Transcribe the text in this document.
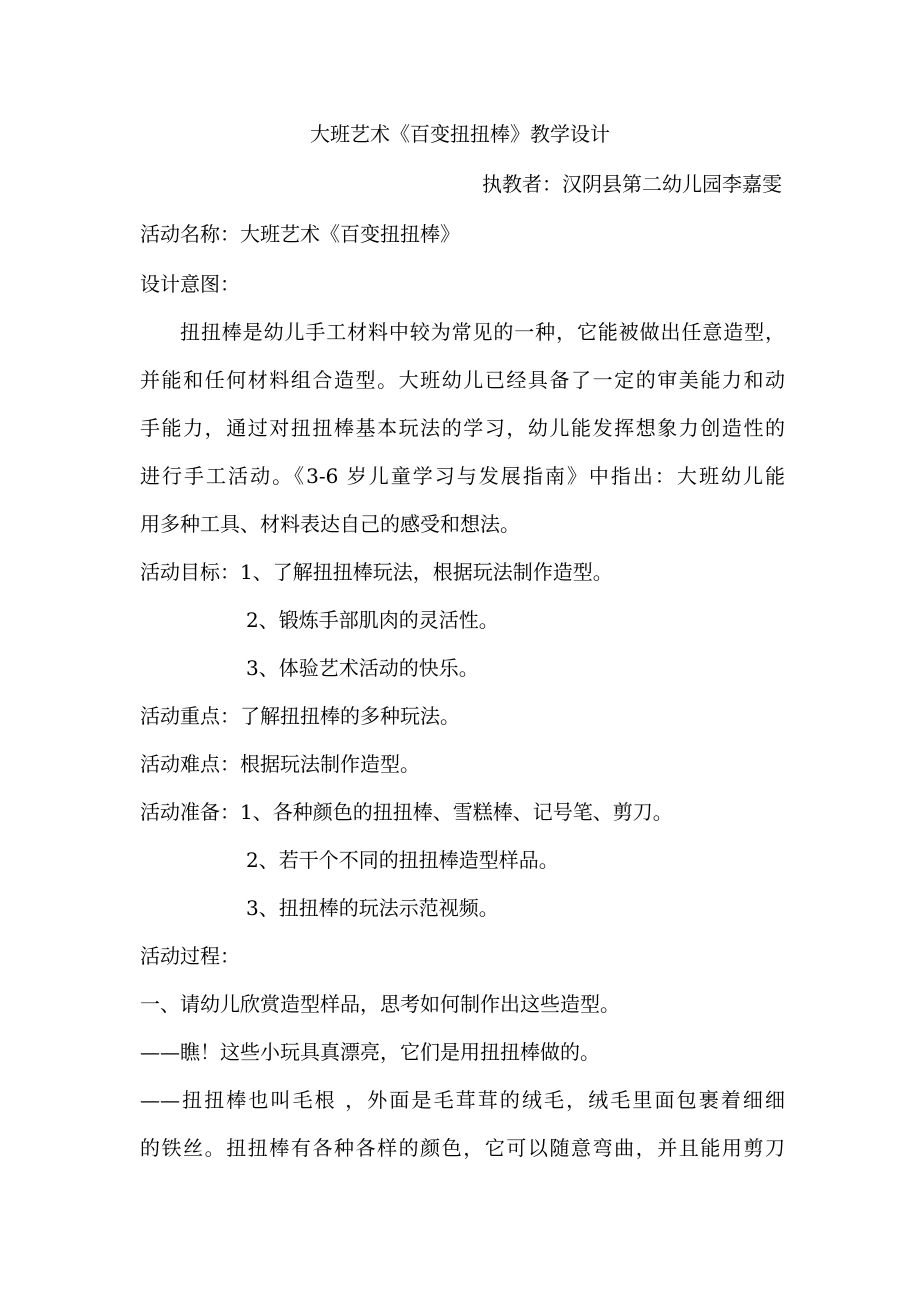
大班艺术《百变扭扭棒》教学设计
执教者：汉阴县第二幼儿园李嘉雯
活动名称：大班艺术《百变扭扭棒》
设计意图：
扭扭棒是幼儿手工材料中较为常见的一种，它能被做出任意造型，
并能和任何材料组合造型。大班幼儿已经具备了一定的审美能力和动
手能力，通过对扭扭棒基本玩法的学习，幼儿能发挥想象力创造性的
进行手工活动。《3-6 岁儿童学习与发展指南》中指出：大班幼儿能
用多种工具、材料表达自己的感受和想法。
活动目标：1、了解扭扭棒玩法，根据玩法制作造型。
2、锻炼手部肌肉的灵活性。
3、体验艺术活动的快乐。
活动重点：了解扭扭棒的多种玩法。
活动难点：根据玩法制作造型。
活动准备：1、各种颜色的扭扭棒、雪糕棒、记号笔、剪刀。
2、若干个不同的扭扭棒造型样品。
3、扭扭棒的玩法示范视频。
活动过程：
一、请幼儿欣赏造型样品，思考如何制作出这些造型。
——瞧！这些小玩具真漂亮，它们是用扭扭棒做的。
——扭扭棒也叫毛根 ，外面是毛茸茸的绒毛，绒毛里面包裹着细细
的铁丝。扭扭棒有各种各样的颜色，它可以随意弯曲，并且能用剪刀
